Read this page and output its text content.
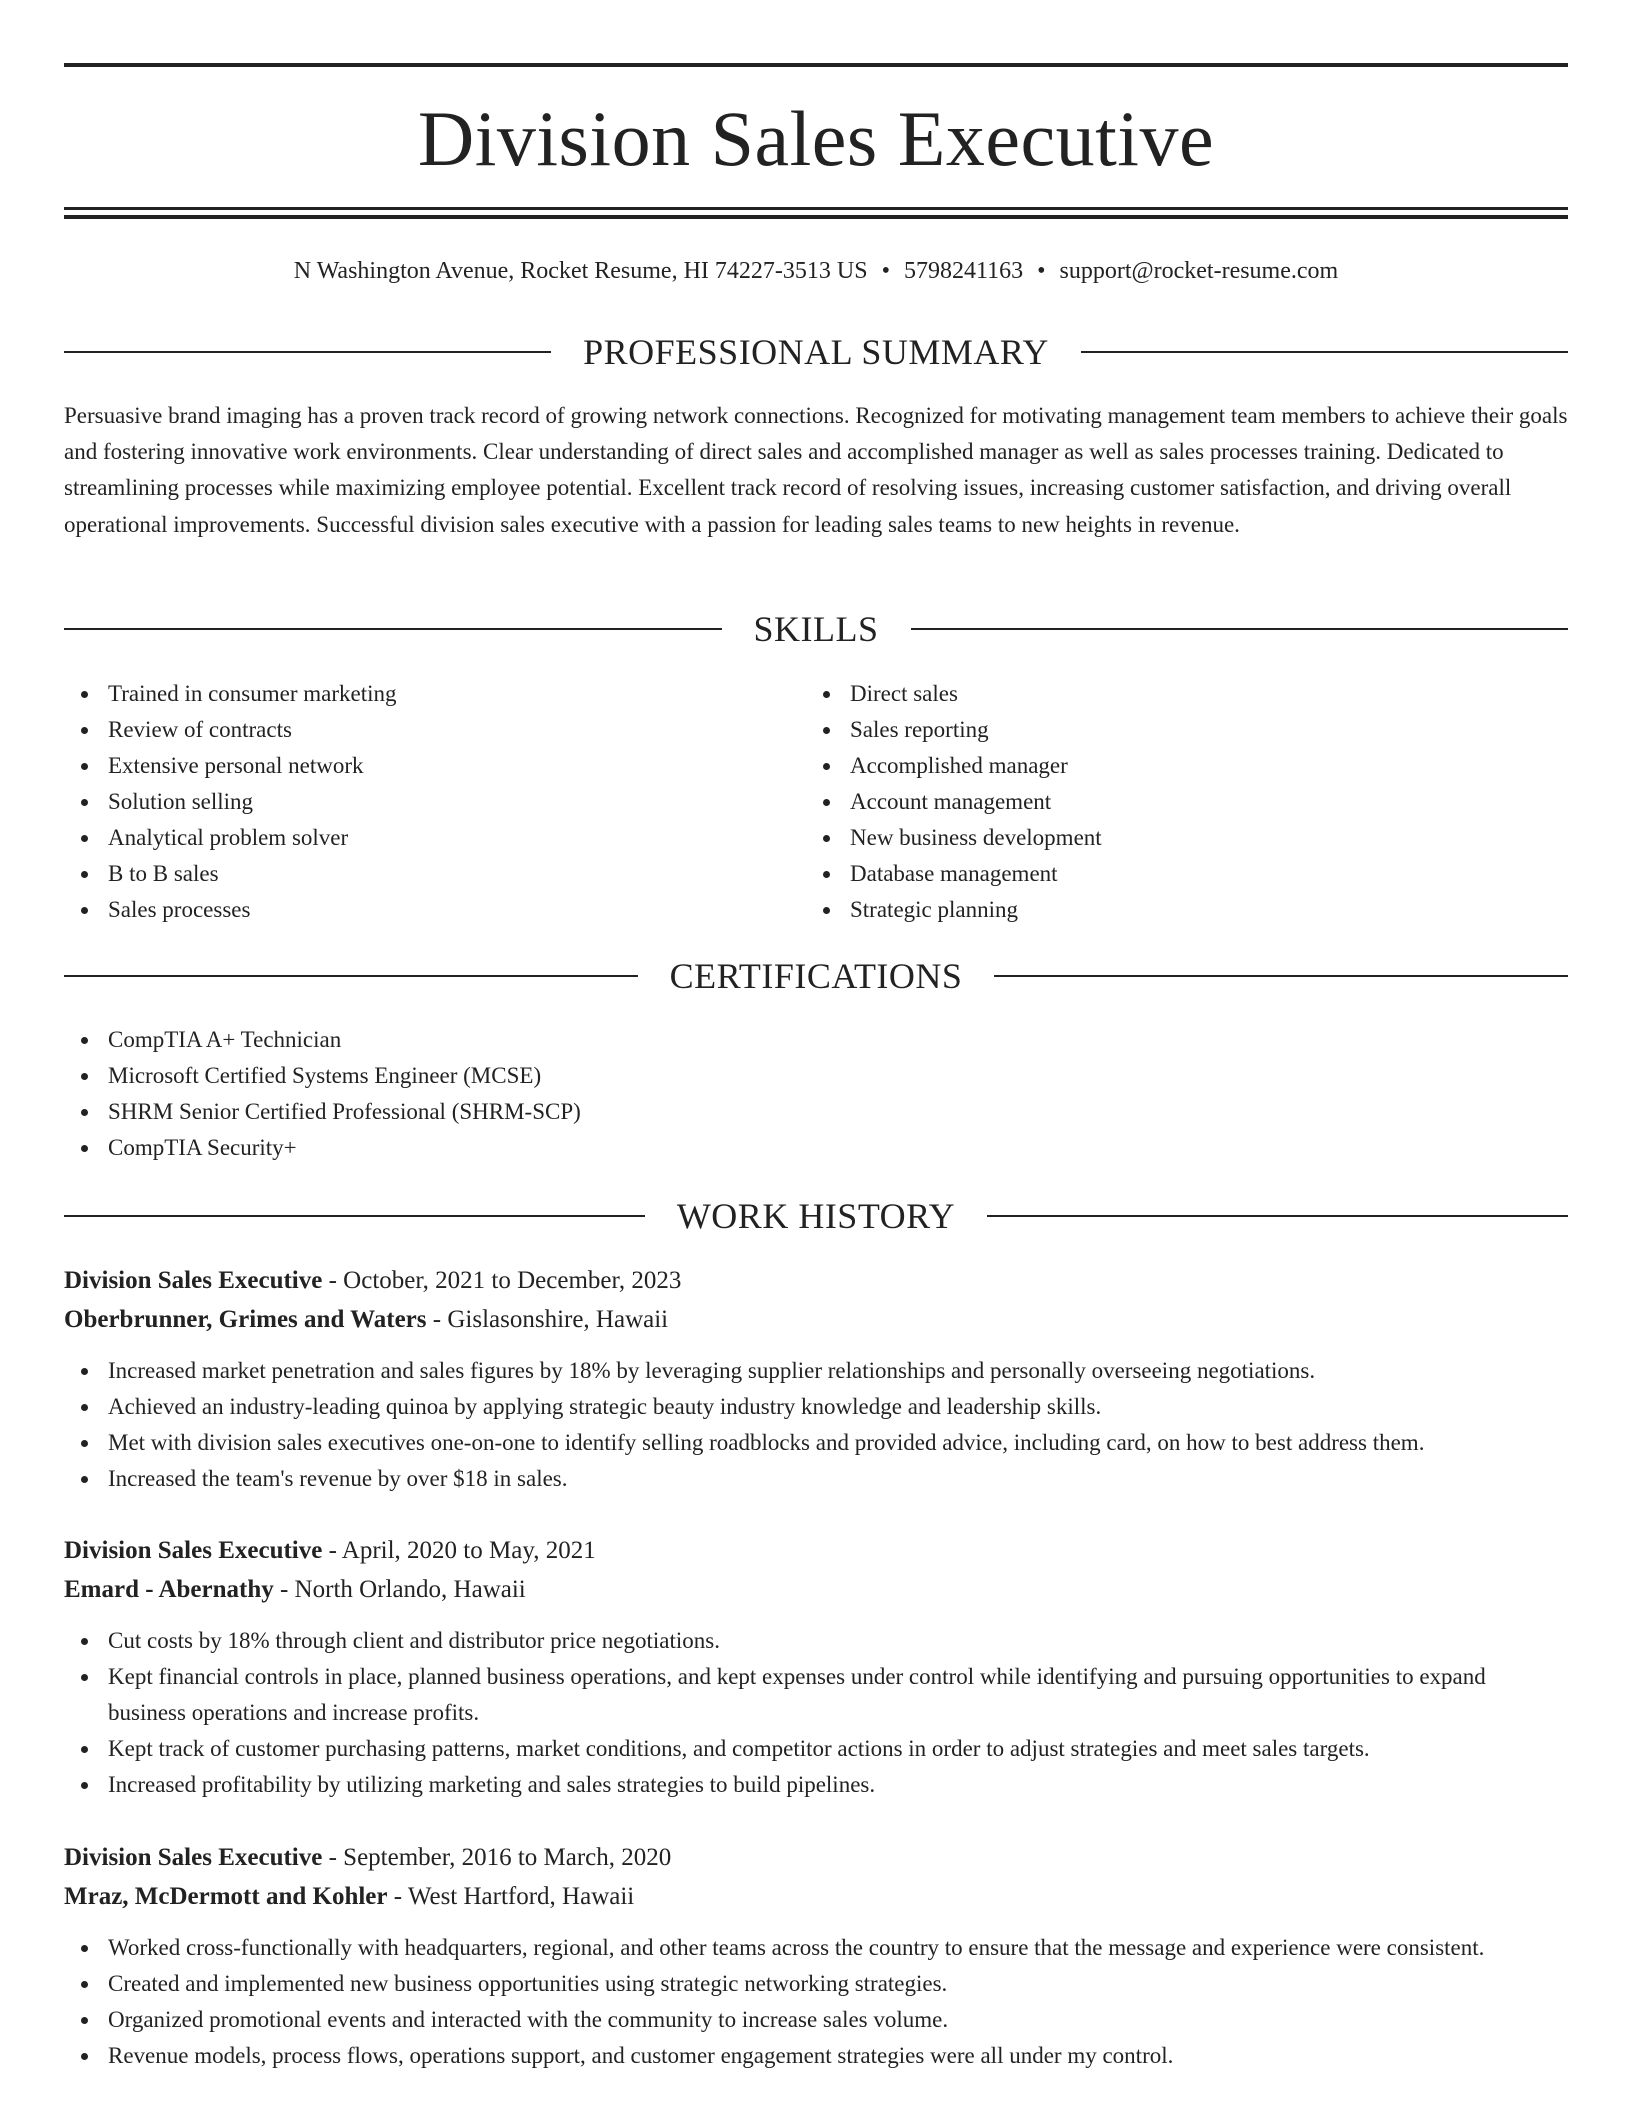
Division Sales Executive
N Washington Avenue, Rocket Resume, HI 74227-3513 US • 5798241163 • support@rocket-resume.com
PROFESSIONAL SUMMARY

Persuasive brand imaging has a proven track record of growing network connections. Recognized for motivating management team members to achieve their goals and fostering innovative work environments. Clear understanding of direct sales and accomplished manager as well as sales processes training. Dedicated to streamlining processes while maximizing employee potential. Excellent track record of resolving issues, increasing customer satisfaction, and driving overall operational improvements. Successful division sales executive with a passion for leading sales teams to new heights in revenue.

SKILLS
Trained in consumer marketing
Review of contracts
Extensive personal network
Solution selling
Analytical problem solver
B to B sales
Sales processes
Direct sales
Sales reporting
Accomplished manager
Account management
New business development
Database management
Strategic planning
CERTIFICATIONS
CompTIA A+ Technician
Microsoft Certified Systems Engineer (MCSE)
SHRM Senior Certified Professional (SHRM-SCP)
CompTIA Security+
WORK HISTORY
Division Sales Executive - October, 2021 to December, 2023
Oberbrunner, Grimes and Waters - Gislasonshire, Hawaii
Increased market penetration and sales figures by 18% by leveraging supplier relationships and personally overseeing negotiations.
Achieved an industry-leading quinoa by applying strategic beauty industry knowledge and leadership skills.
Met with division sales executives one-on-one to identify selling roadblocks and provided advice, including card, on how to best address them.
Increased the team's revenue by over $18 in sales.
Division Sales Executive - April, 2020 to May, 2021
Emard - Abernathy - North Orlando, Hawaii
Cut costs by 18% through client and distributor price negotiations.
Kept financial controls in place, planned business operations, and kept expenses under control while identifying and pursuing opportunities to expand business operations and increase profits.
Kept track of customer purchasing patterns, market conditions, and competitor actions in order to adjust strategies and meet sales targets.
Increased profitability by utilizing marketing and sales strategies to build pipelines.
Division Sales Executive - September, 2016 to March, 2020
Mraz, McDermott and Kohler - West Hartford, Hawaii
Worked cross-functionally with headquarters, regional, and other teams across the country to ensure that the message and experience were consistent.
Created and implemented new business opportunities using strategic networking strategies.
Organized promotional events and interacted with the community to increase sales volume.
Revenue models, process flows, operations support, and customer engagement strategies were all under my control.
